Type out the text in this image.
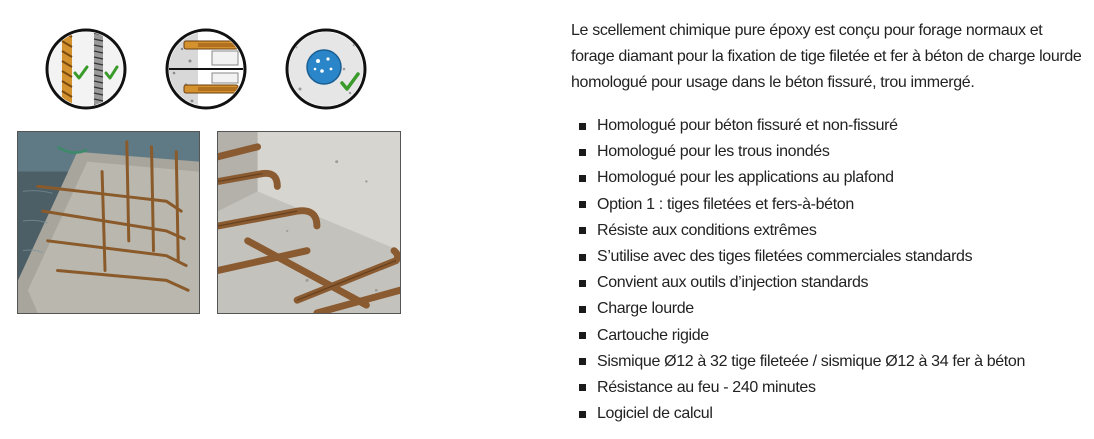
Le scellement chimique pure époxy est conçu pour forage normaux et forage diamant pour la fixation de tige filetée et fer à béton de charge lourde homologué pour usage dans le béton fissuré, trou immergé.

Homologué pour béton fissuré et non-fissuré
Homologué pour les trous inondés
Homologué pour les applications au plafond
Option 1 : tiges filetées et fers-à-béton
Résiste aux conditions extrêmes
S’utilise avec des tiges filetées commerciales standards
Convient aux outils d’injection standards
Charge lourde
Cartouche rigide
Sismique Ø12 à 32 tige fileteée / sismique Ø12 à 34 fer à béton
Résistance au feu - 240 minutes
Logiciel de calcul
